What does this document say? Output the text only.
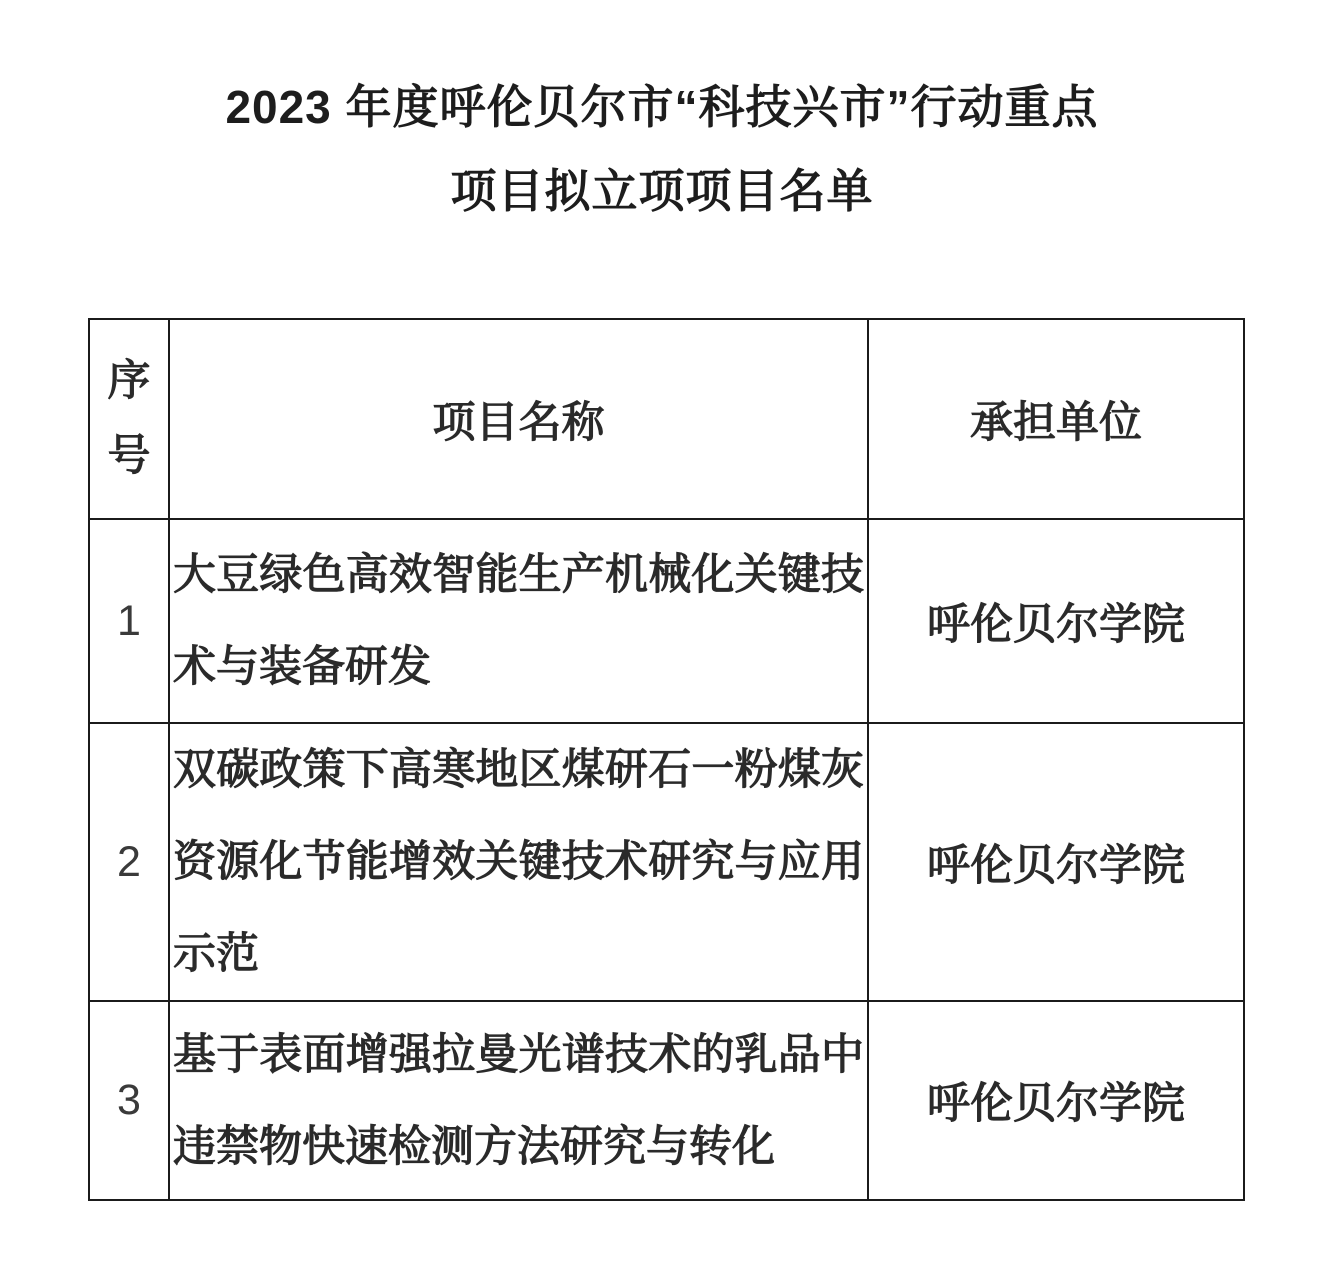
2023 年度呼伦贝尔市“科技兴市”行动重点
项目拟立项项目名单
序号	项目名称	承担单位
1	大豆绿色高效智能生产机械化关键技术与装备研发	呼伦贝尔学院
2	双碳政策下高寒地区煤研石一粉煤灰资源化节能增效关键技术研究与应用示范	呼伦贝尔学院
3	基于表面增强拉曼光谱技术的乳品中违禁物快速检测方法研究与转化	呼伦贝尔学院
